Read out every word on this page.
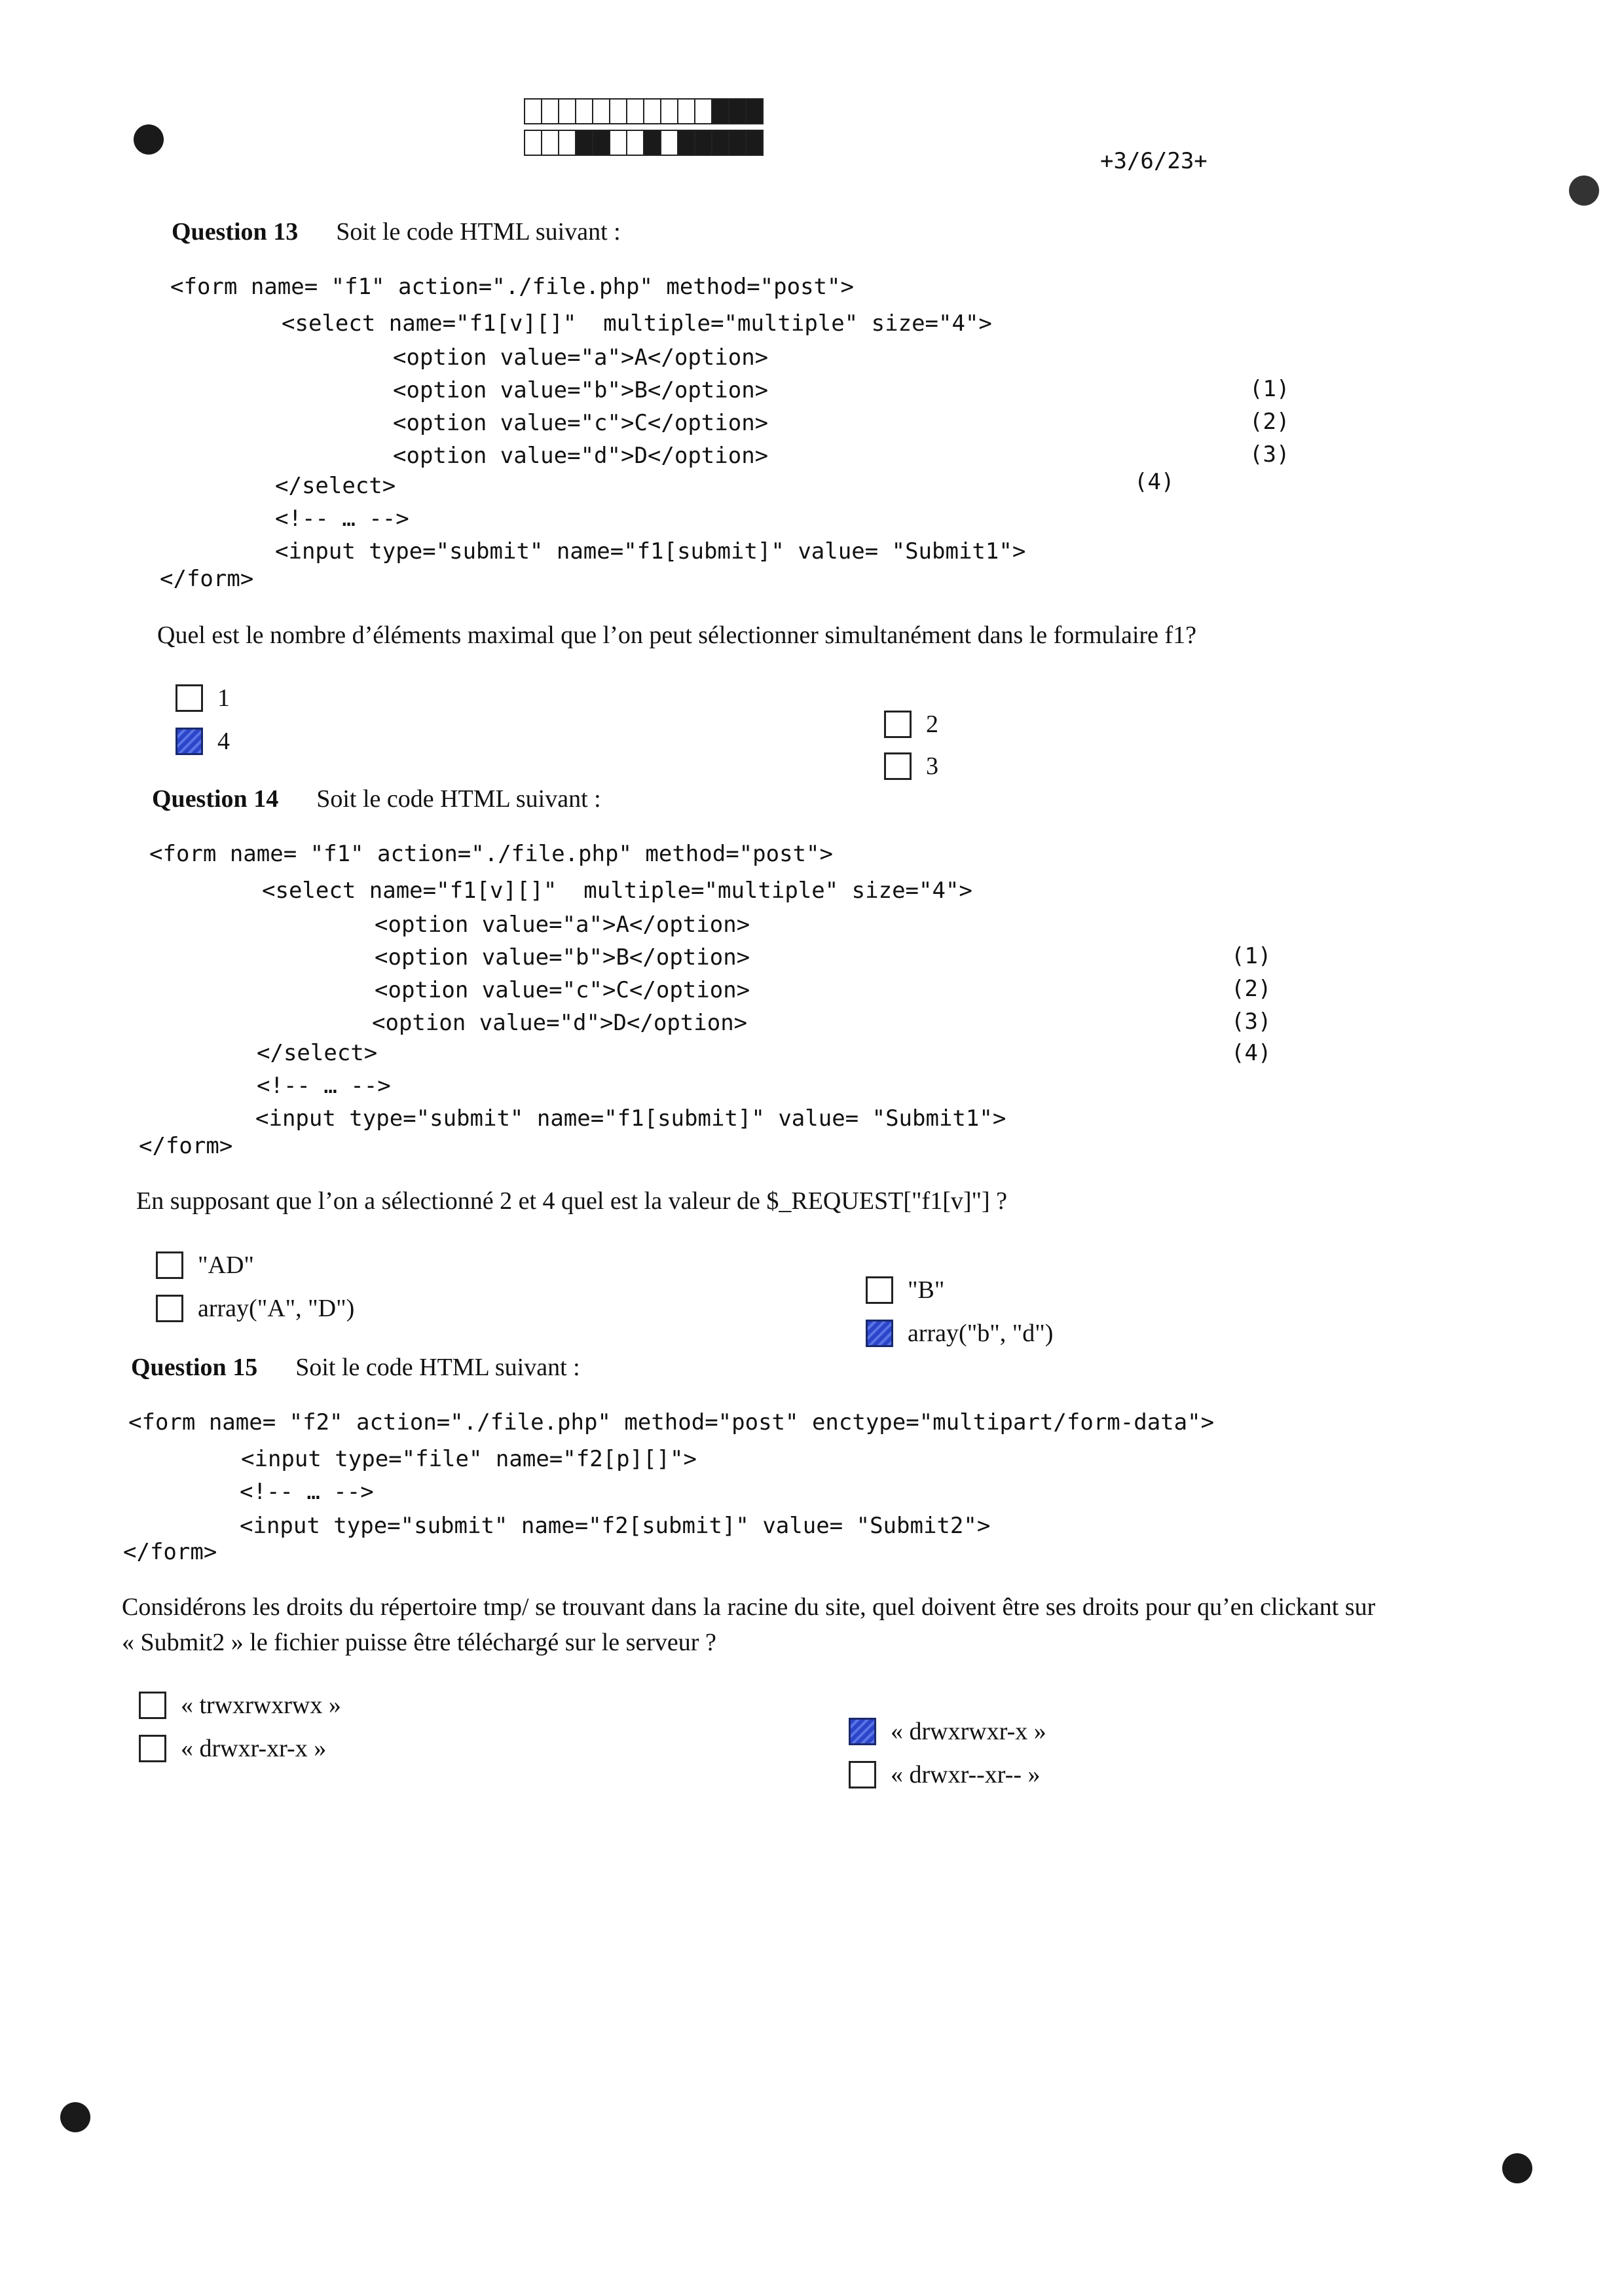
+3/6/23+
Question 13 Soit le code HTML suivant :

<form name= "f1" action="./file.php" method="post">

<select name="f1[v][]"  multiple="multiple" size="4">

<option value="a">A</option>

<option value="b">B</option>

<option value="c">C</option>

<option value="d">D</option>

</select>

<!-- … -->

<input type="submit" name="f1[submit]" value= "Submit1">

</form>

(1)
(2)
(3)
(4)
Quel est le nombre d’éléments maximal que l’on peut sélectionner simultanément dans le formulaire f1?
1
4
2
3
Question 14 Soit le code HTML suivant :

<form name= "f1" action="./file.php" method="post">

<select name="f1[v][]"  multiple="multiple" size="4">

<option value="a">A</option>

<option value="b">B</option>

<option value="c">C</option>

<option value="d">D</option>

</select>

<!-- … -->

<input type="submit" name="f1[submit]" value= "Submit1">

</form>

(1)
(2)
(3)
(4)
En supposant que l’on a sélectionné 2 et 4 quel est la valeur de $_REQUEST["f1[v]"] ?
"AD"
array("A", "D")
"B"
array("b", "d")
Question 15 Soit le code HTML suivant :

<form name= "f2" action="./file.php" method="post" enctype="multipart/form-data">

<input type="file" name="f2[p][]">

<!-- … -->

<input type="submit" name="f2[submit]" value= "Submit2">

</form>

Considérons les droits du répertoire tmp/ se trouvant dans la racine du site, quel doivent être ses droits pour qu’en clickant sur
« Submit2 » le fichier puisse être téléchargé sur le serveur ?
« trwxrwxrwx »
« drwxr-xr-x »
« drwxrwxr-x »
« drwxr--xr-- »
